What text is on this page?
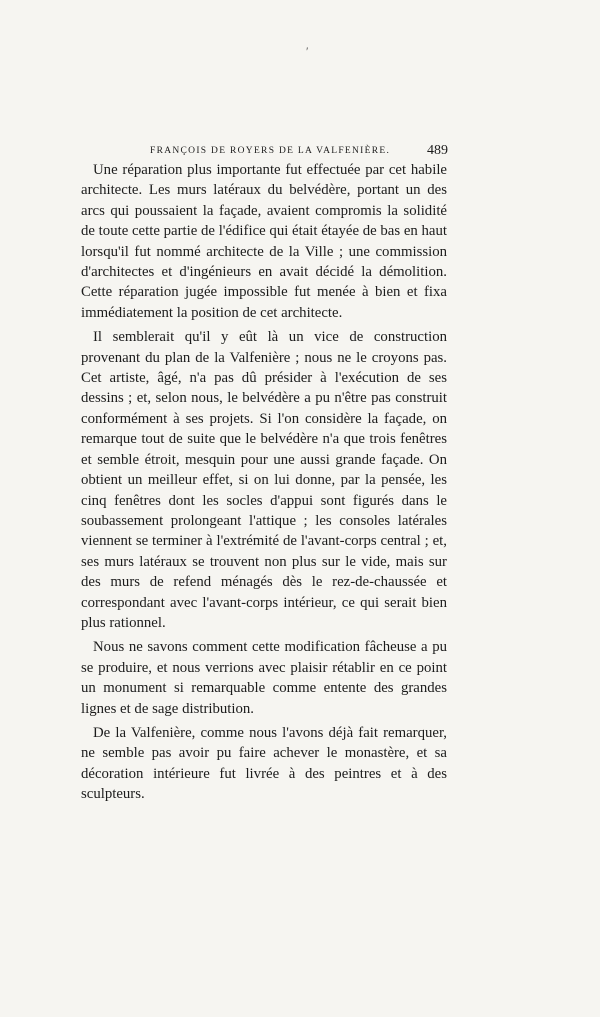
′
FRANÇOIS DE ROYERS DE LA VALFENIÈRE.	489

Une réparation plus importante fut effectuée par cet habile architecte. Les murs latéraux du belvédère, portant un des arcs qui poussaient la façade, avaient compromis la solidité de toute cette partie de l'édifice qui était étayée de bas en haut lorsqu'il fut nommé architecte de la Ville ; une commission d'architectes et d'ingénieurs en avait décidé la démolition. Cette réparation jugée impossible fut menée à bien et fixa immédiatement la position de cet architecte.

Il semblerait qu'il y eût là un vice de construction provenant du plan de la Valfenière ; nous ne le croyons pas. Cet artiste, âgé, n'a pas dû présider à l'exécution de ses dessins ; et, selon nous, le belvédère a pu n'être pas construit conformément à ses projets. Si l'on considère la façade, on remarque tout de suite que le belvédère n'a que trois fenêtres et semble étroit, mesquin pour une aussi grande façade. On obtient un meilleur effet, si on lui donne, par la pensée, les cinq fenêtres dont les socles d'appui sont figurés dans le soubassement prolongeant l'attique ; les consoles latérales viennent se terminer à l'extrémité de l'avant-corps central ; et, ses murs latéraux se trouvent non plus sur le vide, mais sur des murs de refend ménagés dès le rez-de-chaussée et correspondant avec l'avant-corps intérieur, ce qui serait bien plus rationnel.

Nous ne savons comment cette modification fâcheuse a pu se produire, et nous verrions avec plaisir rétablir en ce point un monument si remarquable comme entente des grandes lignes et de sage distribution.

De la Valfenière, comme nous l'avons déjà fait remarquer, ne semble pas avoir pu faire achever le monastère, et sa décoration intérieure fut livrée à des peintres et à des sculpteurs.
